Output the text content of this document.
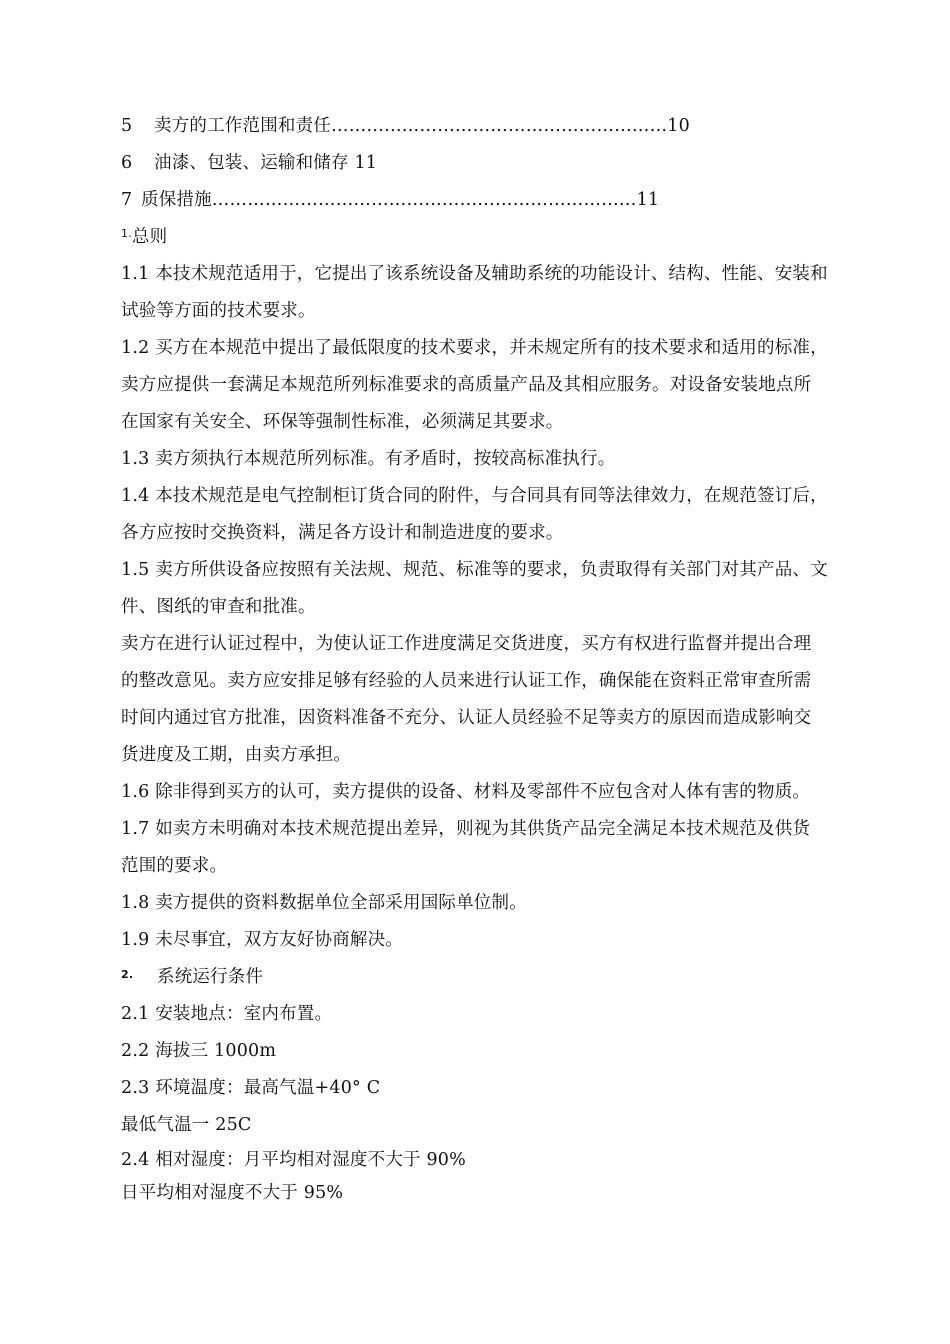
5 卖方的工作范围和责任…………………………………………………10
6 油漆、包装、运输和储存 11
7 质保措施………………………………………………………………11
$^{1.}$总则
1.1 本技术规范适用于，它提出了该系统设备及辅助系统的功能设计、结构、性能、安装和
试验等方面的技术要求。
1.2 买方在本规范中提出了最低限度的技术要求，并未规定所有的技术要求和适用的标准，
卖方应提供一套满足本规范所列标准要求的高质量产品及其相应服务。对设备安装地点所
在国家有关安全、环保等强制性标准，必须满足其要求。
1.3 卖方须执行本规范所列标准。有矛盾时，按较高标准执行。
1.4 本技术规范是电气控制柜订货合同的附件，与合同具有同等法律效力，在规范签订后，
各方应按时交换资料，满足各方设计和制造进度的要求。
1.5 卖方所供设备应按照有关法规、规范、标准等的要求，负责取得有关部门对其产品、文
件、图纸的审查和批准。
卖方在进行认证过程中，为使认证工作进度满足交货进度，买方有权进行监督并提出合理
的整改意见。卖方应安排足够有经验的人员来进行认证工作，确保能在资料正常审查所需
时间内通过官方批准，因资料准备不充分、认证人员经验不足等卖方的原因而造成影响交
货进度及工期，由卖方承担。
1.6 除非得到买方的认可，卖方提供的设备、材料及零部件不应包含对人体有害的物质。
1.7 如卖方未明确对本技术规范提出差异，则视为其供货产品完全满足本技术规范及供货
范围的要求。
1.8 卖方提供的资料数据单位全部采用国际单位制。
1.9 未尽事宜，双方友好协商解决。
2. 系统运行条件
2.1 安装地点：室内布置。
2.2 海拔三 1000m
2.3 环境温度：最高气温+40° C
最低气温一 25C
2.4 相对湿度：月平均相对湿度不大于 90%
日平均相对湿度不大于 95%
